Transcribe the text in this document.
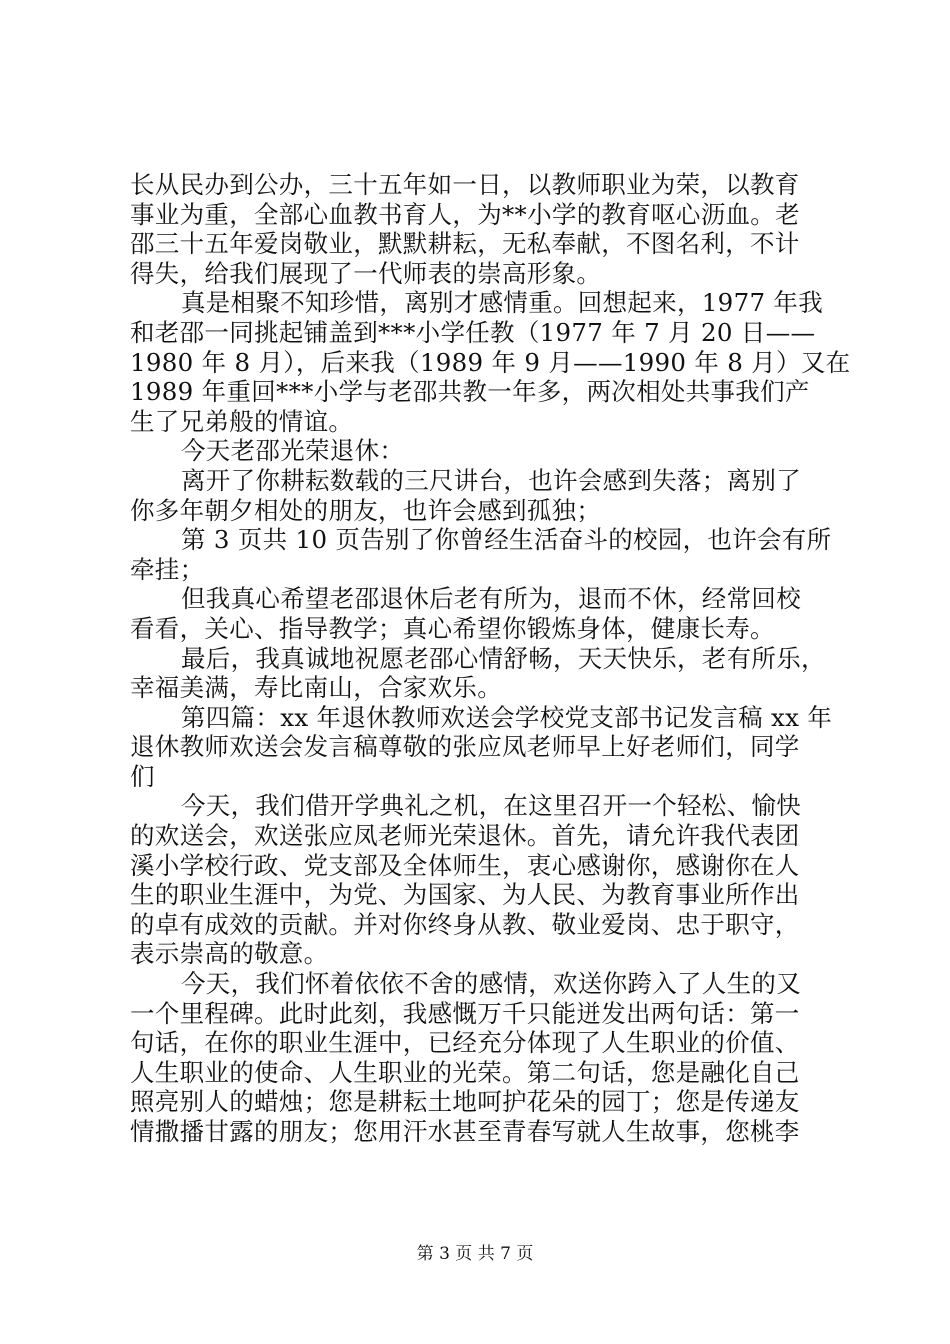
长从民办到公办，三十五年如一日，以教师职业为荣，以教育
事业为重，全部心血教书育人，为**小学的教育呕心沥血。老
邵三十五年爱岗敬业，默默耕耘，无私奉献，不图名利，不计
得失，给我们展现了一代师表的崇高形象。
真是相聚不知珍惜，离别才感情重。回想起来，1977 年我
和老邵一同挑起铺盖到***小学任教（1977 年 7 月 20 日——
1980 年 8 月），后来我（1989 年 9 月——1990 年 8 月）又在
1989 年重回***小学与老邵共教一年多，两次相处共事我们产
生了兄弟般的情谊。
今天老邵光荣退休：
离开了你耕耘数载的三尺讲台，也许会感到失落；离别了
你多年朝夕相处的朋友，也许会感到孤独；
第 3 页共 10 页告别了你曾经生活奋斗的校园，也许会有所
牵挂；
但我真心希望老邵退休后老有所为，退而不休，经常回校
看看，关心、指导教学；真心希望你锻炼身体，健康长寿。
最后，我真诚地祝愿老邵心情舒畅，天天快乐，老有所乐，
幸福美满，寿比南山，合家欢乐。
第四篇：xx 年退休教师欢送会学校党支部书记发言稿 xx 年
退休教师欢送会发言稿尊敬的张应凤老师早上好老师们，同学
们
今天，我们借开学典礼之机，在这里召开一个轻松、愉快
的欢送会，欢送张应凤老师光荣退休。首先，请允许我代表团
溪小学校行政、党支部及全体师生，衷心感谢你，感谢你在人
生的职业生涯中，为党、为国家、为人民、为教育事业所作出
的卓有成效的贡献。并对你终身从教、敬业爱岗、忠于职守，
表示崇高的敬意。
今天，我们怀着依依不舍的感情，欢送你跨入了人生的又
一个里程碑。此时此刻，我感慨万千只能迸发出两句话：第一
句话，在你的职业生涯中，已经充分体现了人生职业的价值、
人生职业的使命、人生职业的光荣。第二句话，您是融化自己
照亮别人的蜡烛；您是耕耘土地呵护花朵的园丁；您是传递友
情撒播甘露的朋友；您用汗水甚至青春写就人生故事，您桃李
第 3 页 共 7 页
